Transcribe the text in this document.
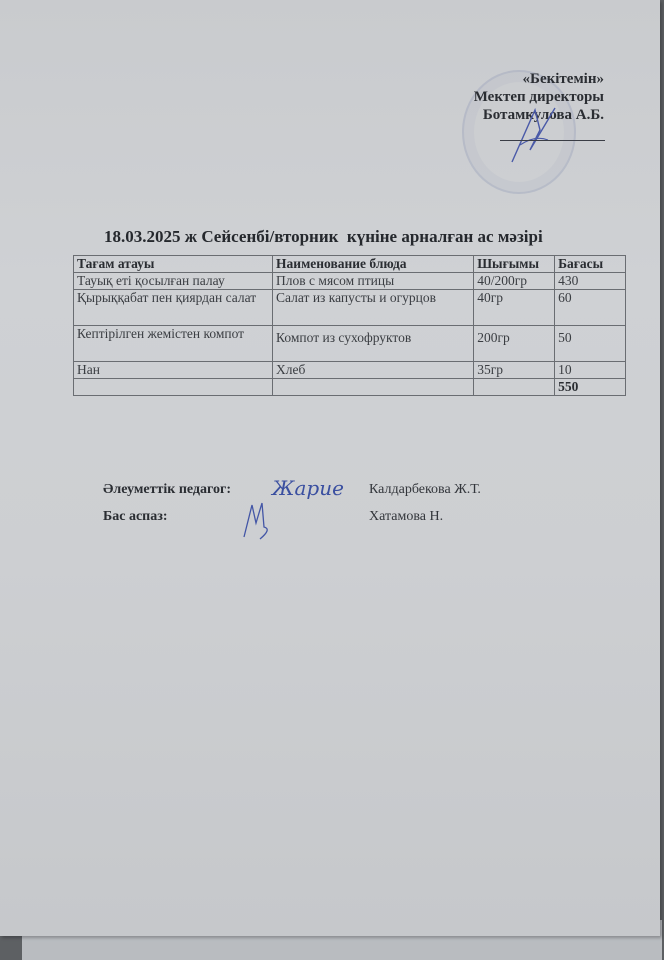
«Бекітемін»
Мектеп директоры
Ботамкулова А.Б.
18.03.2025 ж Сейсенбі/вторник  күніне арналған ас мәзірі
Тағам атауы	Наименование блюда	Шығымы	Бағасы
Тауық еті қосылған палау	Плов с мясом птицы	40/200гр	430
Қырыққабат пен қиярдан салат	Салат из капусты и огурцов	40гр	60
Кептірілген жемістен компот	Компот из сухофруктов	200гр	50
Нан	Хлеб	35гр	10
			550
Әлеуметтік педагог: Жарие Калдарбекова Ж.Т.
Бас аспаз:	Хатамова Н.
